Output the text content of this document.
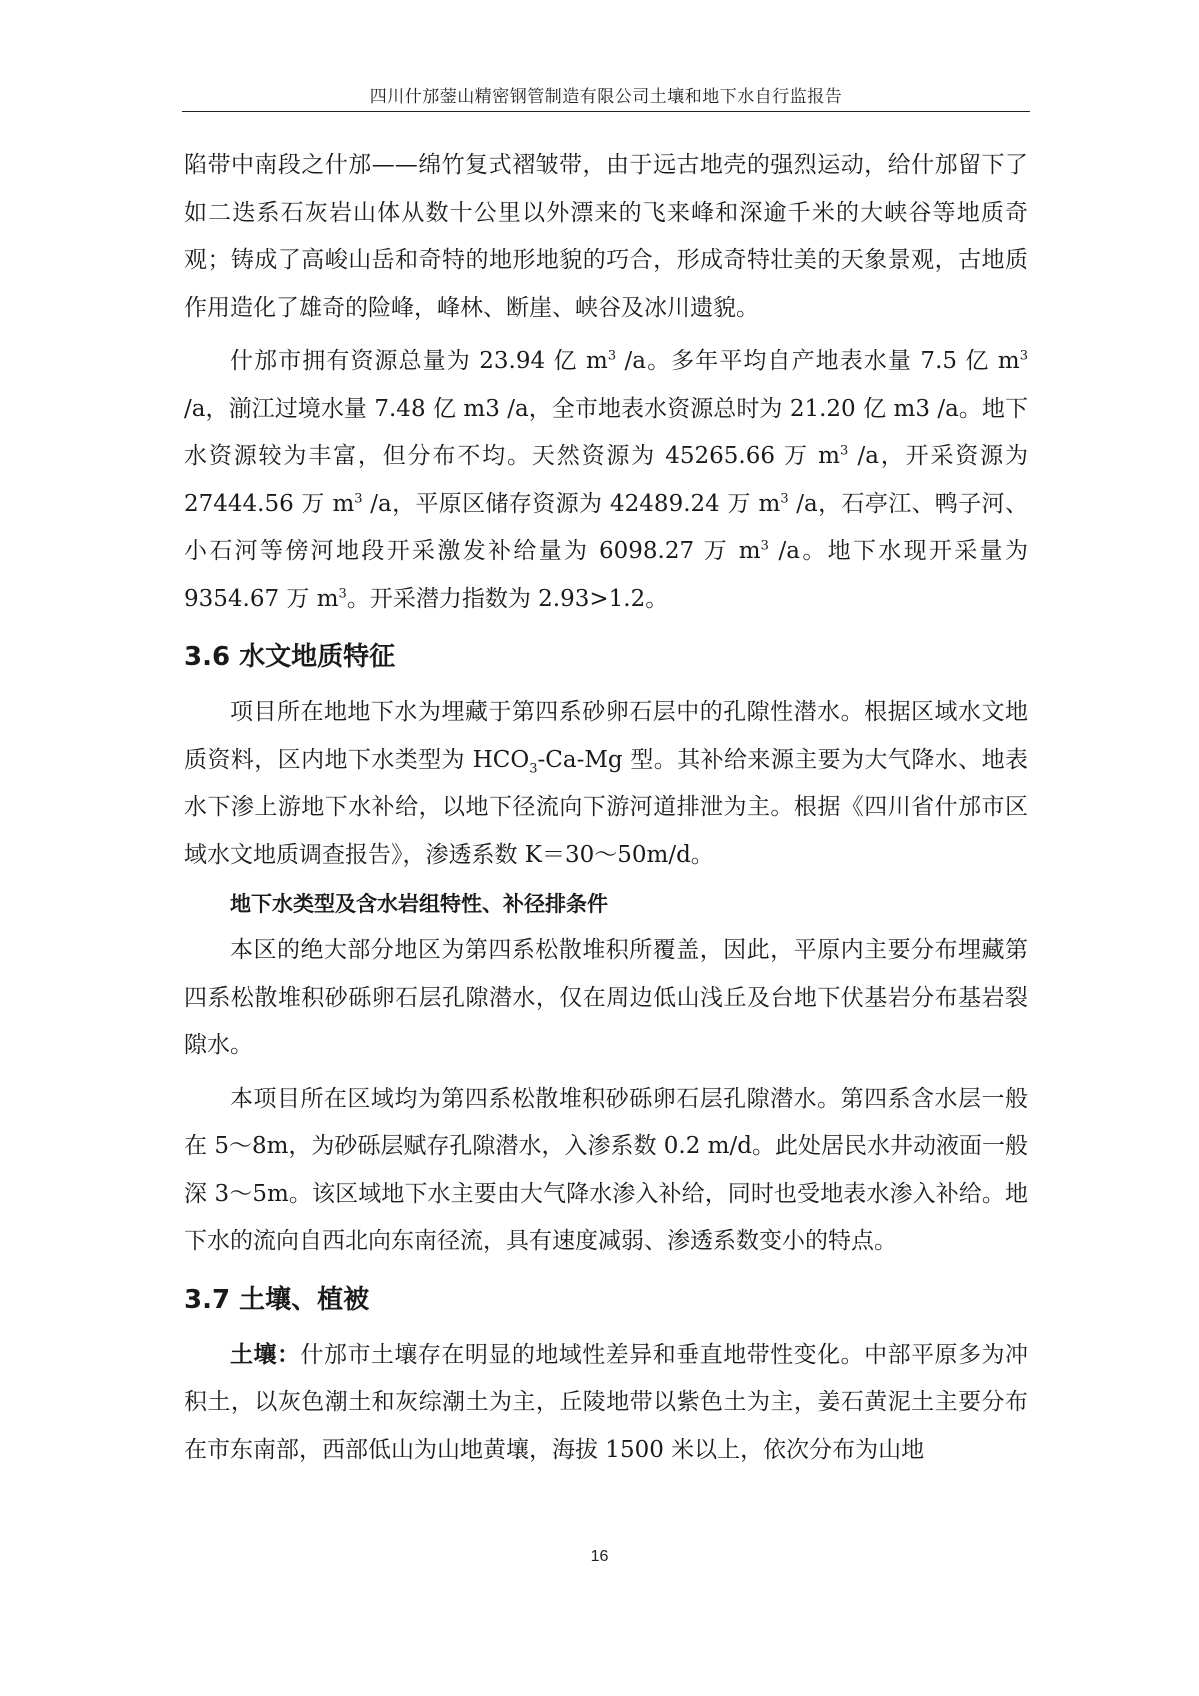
四川什邡蓥山精密钢管制造有限公司土壤和地下水自行监报告

陷带中南段之什邡——绵竹复式褶皱带，由于远古地壳的强烈运动，给什邡留下了如二迭系石灰岩山体从数十公里以外漂来的飞来峰和深逾千米的大峡谷等地质奇观；铸成了高峻山岳和奇特的地形地貌的巧合，形成奇特壮美的天象景观，古地质作用造化了雄奇的险峰，峰林、断崖、峡谷及冰川遗貌。

什邡市拥有资源总量为 23.94 亿 $m^3$ /a。多年平均自产地表水量 7.5 亿 $m^3$ /a，湔江过境水量 7.48 亿 m3 /a，全市地表水资源总时为 21.20 亿 m3 /a。地下水资源较为丰富，但分布不均。天然资源为 45265.66 万 $m^3$ /a，开采资源为 27444.56 万 $m^3$ /a，平原区储存资源为 42489.24 万 $m^3$ /a，石亭江、鸭子河、小石河等傍河地段开采激发补给量为 6098.27 万 $m^3$ /a。地下水现开采量为 9354.67 万 $m^3$。开采潜力指数为 2.93>1.2。

3.6 水文地质特征

项目所在地地下水为埋藏于第四系砂卵石层中的孔隙性潜水。根据区域水文地质资料，区内地下水类型为 $HCO_3-Ca-Mg$ 型。其补给来源主要为大气降水、地表水下渗上游地下水补给，以地下径流向下游河道排泄为主。根据《四川省什邡市区域水文地质调查报告》，渗透系数 K＝30～50m/d。

地下水类型及含水岩组特性、补径排条件

本区的绝大部分地区为第四系松散堆积所覆盖，因此，平原内主要分布埋藏第四系松散堆积砂砾卵石层孔隙潜水，仅在周边低山浅丘及台地下伏基岩分布基岩裂隙水。

本项目所在区域均为第四系松散堆积砂砾卵石层孔隙潜水。第四系含水层一般在 5～8m，为砂砾层赋存孔隙潜水，入渗系数 0.2 m/d。此处居民水井动液面一般深 3～5m。该区域地下水主要由大气降水渗入补给，同时也受地表水渗入补给。地下水的流向自西北向东南径流，具有速度减弱、渗透系数变小的特点。

3.7 土壤、植被

土壤：什邡市土壤存在明显的地域性差异和垂直地带性变化。中部平原多为冲积土，以灰色潮土和灰综潮土为主，丘陵地带以紫色土为主，姜石黄泥土主要分布在市东南部，西部低山为山地黄壤，海拔 1500 米以上，依次分布为山地

16
